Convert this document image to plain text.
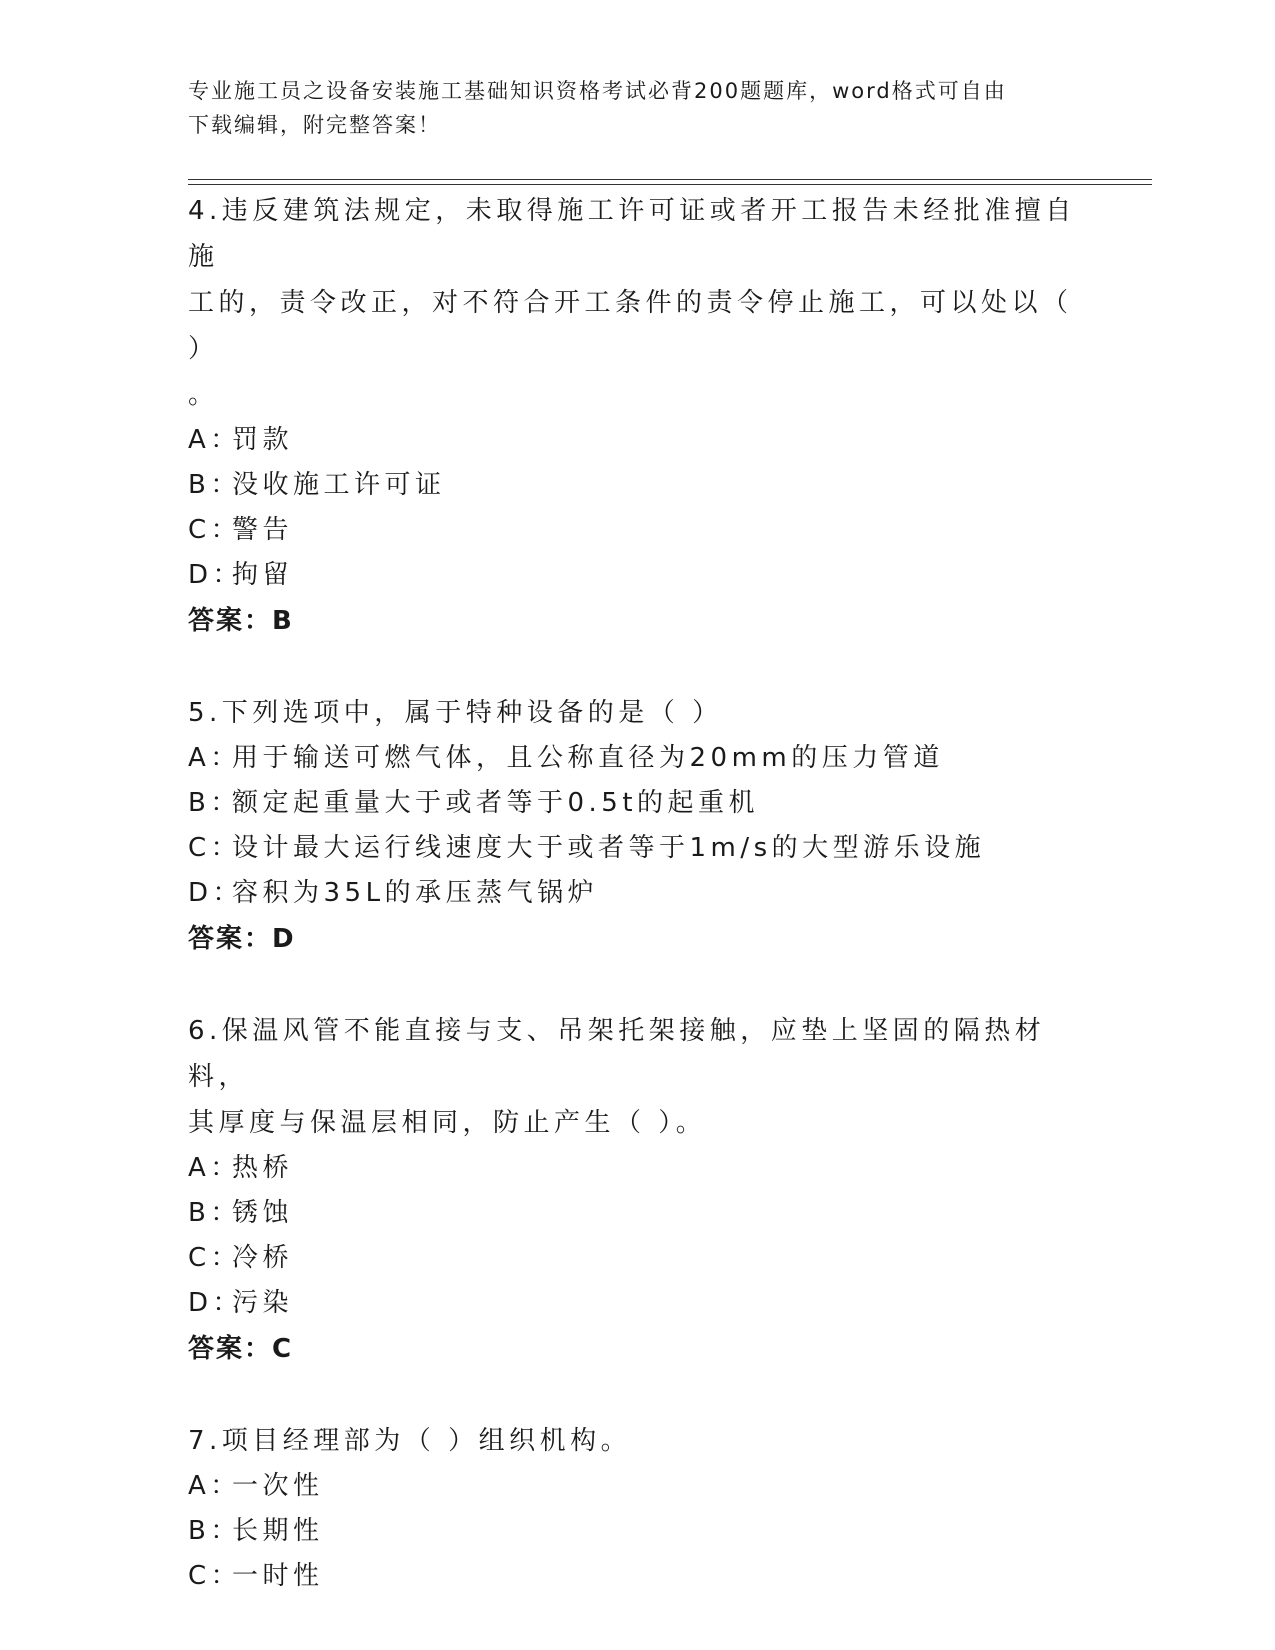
专业施工员之设备安装施工基础知识资格考试必背200题题库，word格式可自由
下载编辑，附完整答案！

4.违反建筑法规定，未取得施工许可证或者开工报告未经批准擅自施

工的，责令改正，对不符合开工条件的责令停止施工，可以处以（ ）

。

A：罚款

B：没收施工许可证

C：警告

D：拘留

答案：B

5.下列选项中，属于特种设备的是（ ）

A：用于输送可燃气体，且公称直径为20mm的压力管道

B：额定起重量大于或者等于0.5t的起重机

C：设计最大运行线速度大于或者等于1m/s的大型游乐设施

D：容积为35L的承压蒸气锅炉

答案：D

6.保温风管不能直接与支、吊架托架接触，应垫上坚固的隔热材料，

其厚度与保温层相同，防止产生（ ）。

A：热桥

B：锈蚀

C：冷桥

D：污染

答案：C

7.项目经理部为（ ）组织机构。

A：一次性

B：长期性

C：一时性
